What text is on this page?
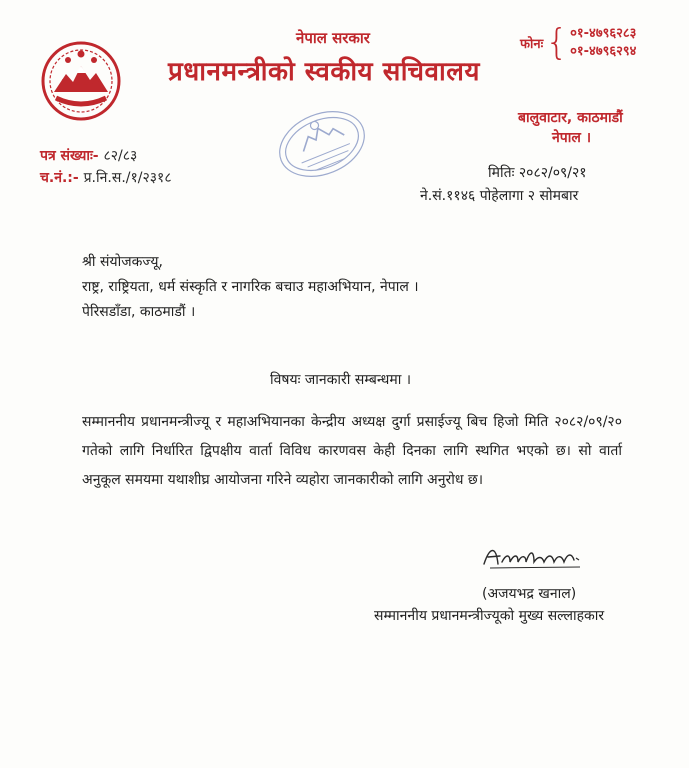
नेपाल सरकार
प्रधानमन्त्रीको स्वकीय सचिवालय
फोनः { ०१-४७९६२८३
०१-४७९६२९४
बालुवाटार, काठमाडौं
नेपाल ।
पत्र संख्याः- ८२/८३
च.नं.:- प्र.नि.स./१/२३१८	मितिः २०८२/०९/२१
ने.सं.११४६ पोहेलागा २ सोमबार
श्री संयोजकज्यू,
राष्ट्र, राष्ट्रियता, धर्म संस्कृति र नागरिक बचाउ महाअभियान, नेपाल ।
पेरिसडाँडा, काठमाडौं ।
विषयः जानकारी सम्बन्धमा ।
सम्माननीय प्रधानमन्त्रीज्यू र महाअभियानका केन्द्रीय अध्यक्ष दुर्गा प्रसाईज्यू बिच हिजो मिति २०८२/०९/२० गतेको लागि निर्धारित द्विपक्षीय वार्ता विविध कारणवस केही दिनका लागि स्थगित भएको छ। सो वार्ता अनुकूल समयमा यथाशीघ्र आयोजना गरिने व्यहोरा जानकारीको लागि अनुरोध छ।
(अजयभद्र खनाल)
सम्माननीय प्रधानमन्त्रीज्यूको मुख्य सल्लाहकार
